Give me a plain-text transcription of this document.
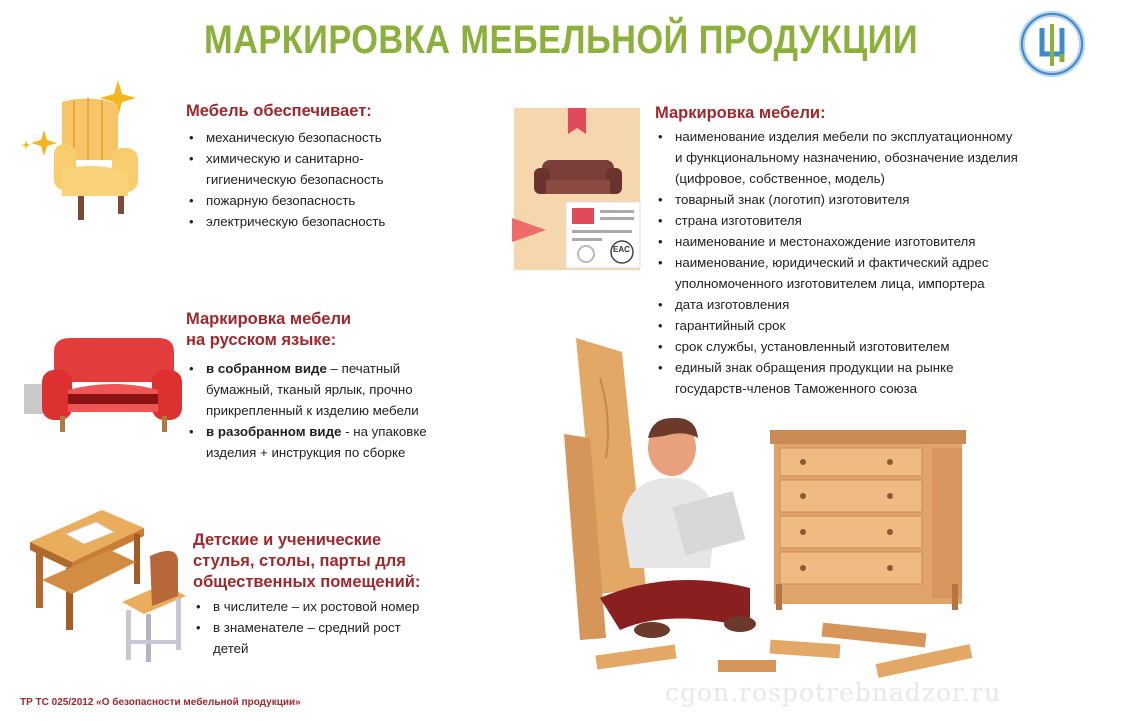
МАРКИРОВКА МЕБЕЛЬНОЙ ПРОДУКЦИИ
Мебель обеспечивает:
• механическую безопасность
• химическую и санитарно-
гигиеническую безопасность
• пожарную безопасность
• электрическую безопасность
Маркировка мебели
на русском языке:
• в собранном виде – печатный
бумажный, тканый ярлык, прочно
прикрепленный к изделию мебели
• в разобранном виде - на упаковке
изделия + инструкция по сборке
Детские и ученические
стулья, столы, парты для
общественных помещений:
• в числителе – их ростовой номер
• в знаменателе – средний рост
детей
EAC
Маркировка мебели:
• наименование изделия мебели по эксплуатационному
и функциональному назначению, обозначение изделия
(цифровое, собственное, модель)
• товарный знак (логотип) изготовителя
• страна изготовителя
• наименование и местонахождение изготовителя
• наименование, юридический и фактический адрес
уполномоченного изготовителем лица, импортера
• дата изготовления
• гарантийный срок
• срок службы, установленный изготовителем
• единый знак обращения продукции на рынке
государств-членов Таможенного союза
ТР ТС 025/2012 «О безопасности мебельной продукции»	cgon.rospotrebnadzor.ru
